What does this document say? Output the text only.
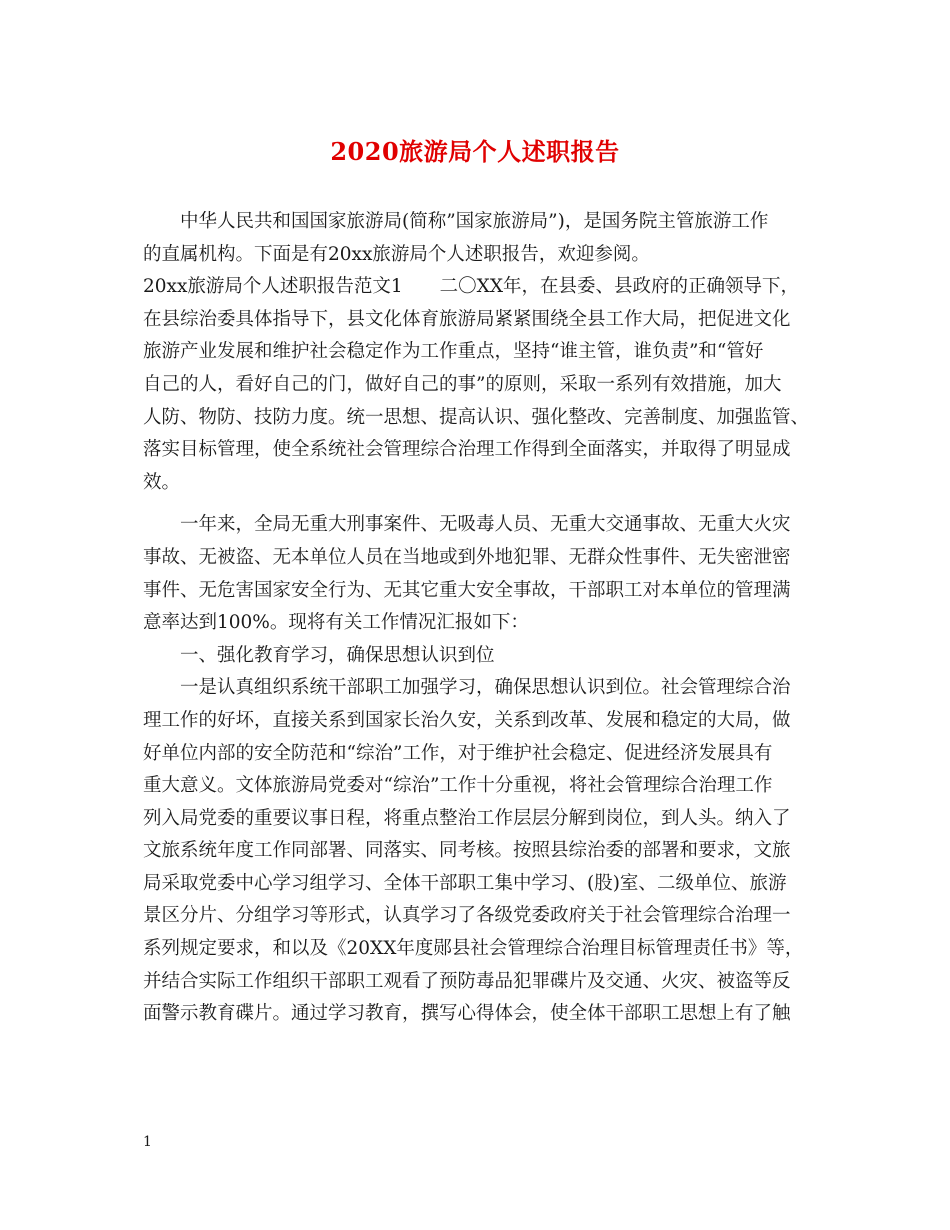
2020旅游局个人述职报告
　　中华人民共和国国家旅游局(简称”国家旅游局”)，是国务院主管旅游工作
的直属机构。下面是有20xx旅游局个人述职报告，欢迎参阅。
20xx旅游局个人述职报告范文1　　二〇XX年，在县委、县政府的正确领导下，
在县综治委具体指导下，县文化体育旅游局紧紧围绕全县工作大局，把促进文化
旅游产业发展和维护社会稳定作为工作重点，坚持“谁主管，谁负责”和“管好
自己的人，看好自己的门，做好自己的事”的原则，采取一系列有效措施，加大
人防、物防、技防力度。统一思想、提高认识、强化整改、完善制度、加强监管、
落实目标管理，使全系统社会管理综合治理工作得到全面落实，并取得了明显成
效。
　　一年来，全局无重大刑事案件、无吸毒人员、无重大交通事故、无重大火灾
事故、无被盗、无本单位人员在当地或到外地犯罪、无群众性事件、无失密泄密
事件、无危害国家安全行为、无其它重大安全事故，干部职工对本单位的管理满
意率达到100%。现将有关工作情况汇报如下：
　　一、强化教育学习，确保思想认识到位
　　一是认真组织系统干部职工加强学习，确保思想认识到位。社会管理综合治
理工作的好坏，直接关系到国家长治久安，关系到改革、发展和稳定的大局，做
好单位内部的安全防范和“综治”工作，对于维护社会稳定、促进经济发展具有
重大意义。文体旅游局党委对“综治”工作十分重视，将社会管理综合治理工作
列入局党委的重要议事日程，将重点整治工作层层分解到岗位，到人头。纳入了
文旅系统年度工作同部署、同落实、同考核。按照县综治委的部署和要求，文旅
局采取党委中心学习组学习、全体干部职工集中学习、(股)室、二级单位、旅游
景区分片、分组学习等形式，认真学习了各级党委政府关于社会管理综合治理一
系列规定要求，和以及《20XX年度郧县社会管理综合治理目标管理责任书》等，
并结合实际工作组织干部职工观看了预防毒品犯罪碟片及交通、火灾、被盗等反
面警示教育碟片。通过学习教育，撰写心得体会，使全体干部职工思想上有了触
1
